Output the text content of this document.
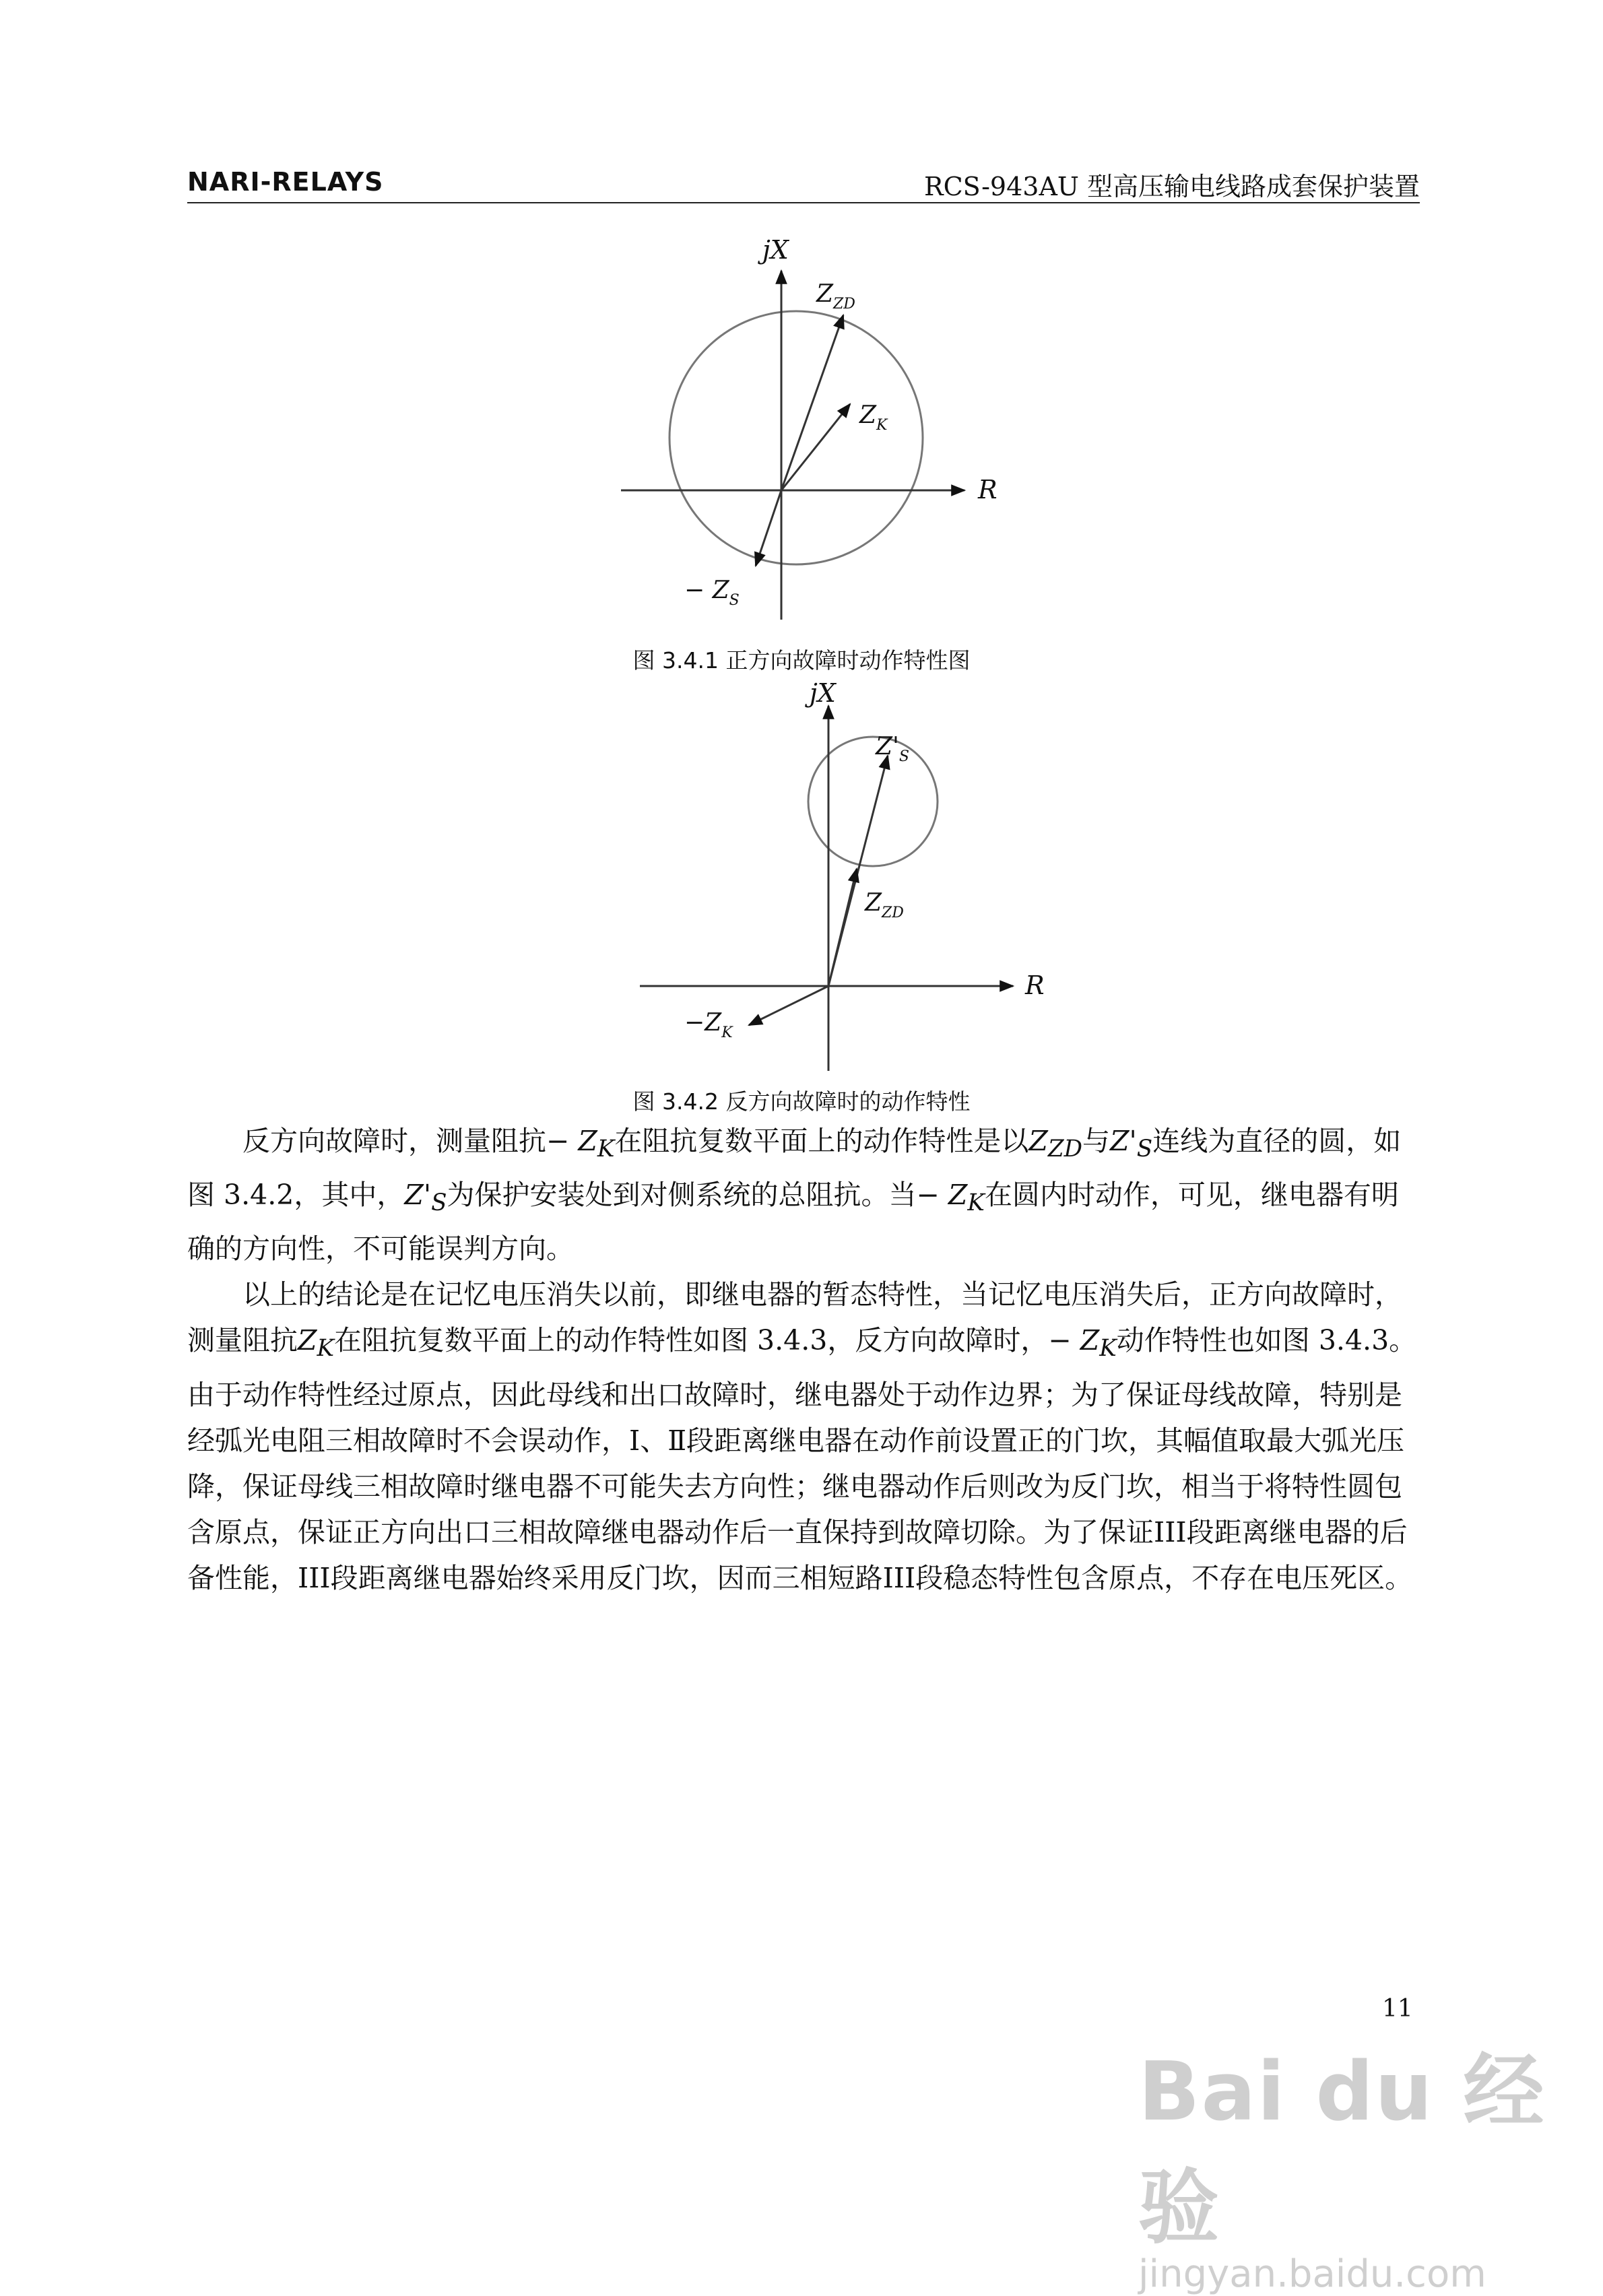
NARI-RELAYS	RCS-943AU 型高压输电线路成套保护装置
jX
R
$Z_{ZD}$
$Z_K$
− $Z_S$
图 3.4.1 正方向故障时动作特性图
jX
R
$Z'_S$
$Z_{ZD}$
$-Z_K$
图 3.4.2 反方向故障时的动作特性

反方向故障时，测量阻抗− $Z_K$在阻抗复数平面上的动作特性是以$Z_{ZD}$与$Z'_S$连线为直径的圆，如图 3.4.2，其中，$Z'_S$为保护安装处到对侧系统的总阻抗。当− $Z_K$在圆内时动作，可见，继电器有明确的方向性，不可能误判方向。

以上的结论是在记忆电压消失以前，即继电器的暂态特性，当记忆电压消失后，正方向故障时，测量阻抗$Z_K$在阻抗复数平面上的动作特性如图 3.4.3，反方向故障时，− $Z_K$动作特性也如图 3.4.3。由于动作特性经过原点，因此母线和出口故障时，继电器处于动作边界；为了保证母线故障，特别是经弧光电阻三相故障时不会误动作，Ⅰ、Ⅱ段距离继电器在动作前设置正的门坎，其幅值取最大弧光压降，保证母线三相故障时继电器不可能失去方向性；继电器动作后则改为反门坎，相当于将特性圆包含原点，保证正方向出口三相故障继电器动作后一直保持到故障切除。为了保证III段距离继电器的后备性能，III段距离继电器始终采用反门坎，因而三相短路III段稳态特性包含原点，不存在电压死区。

11
Bai du 经验
jingyan.baidu.com
